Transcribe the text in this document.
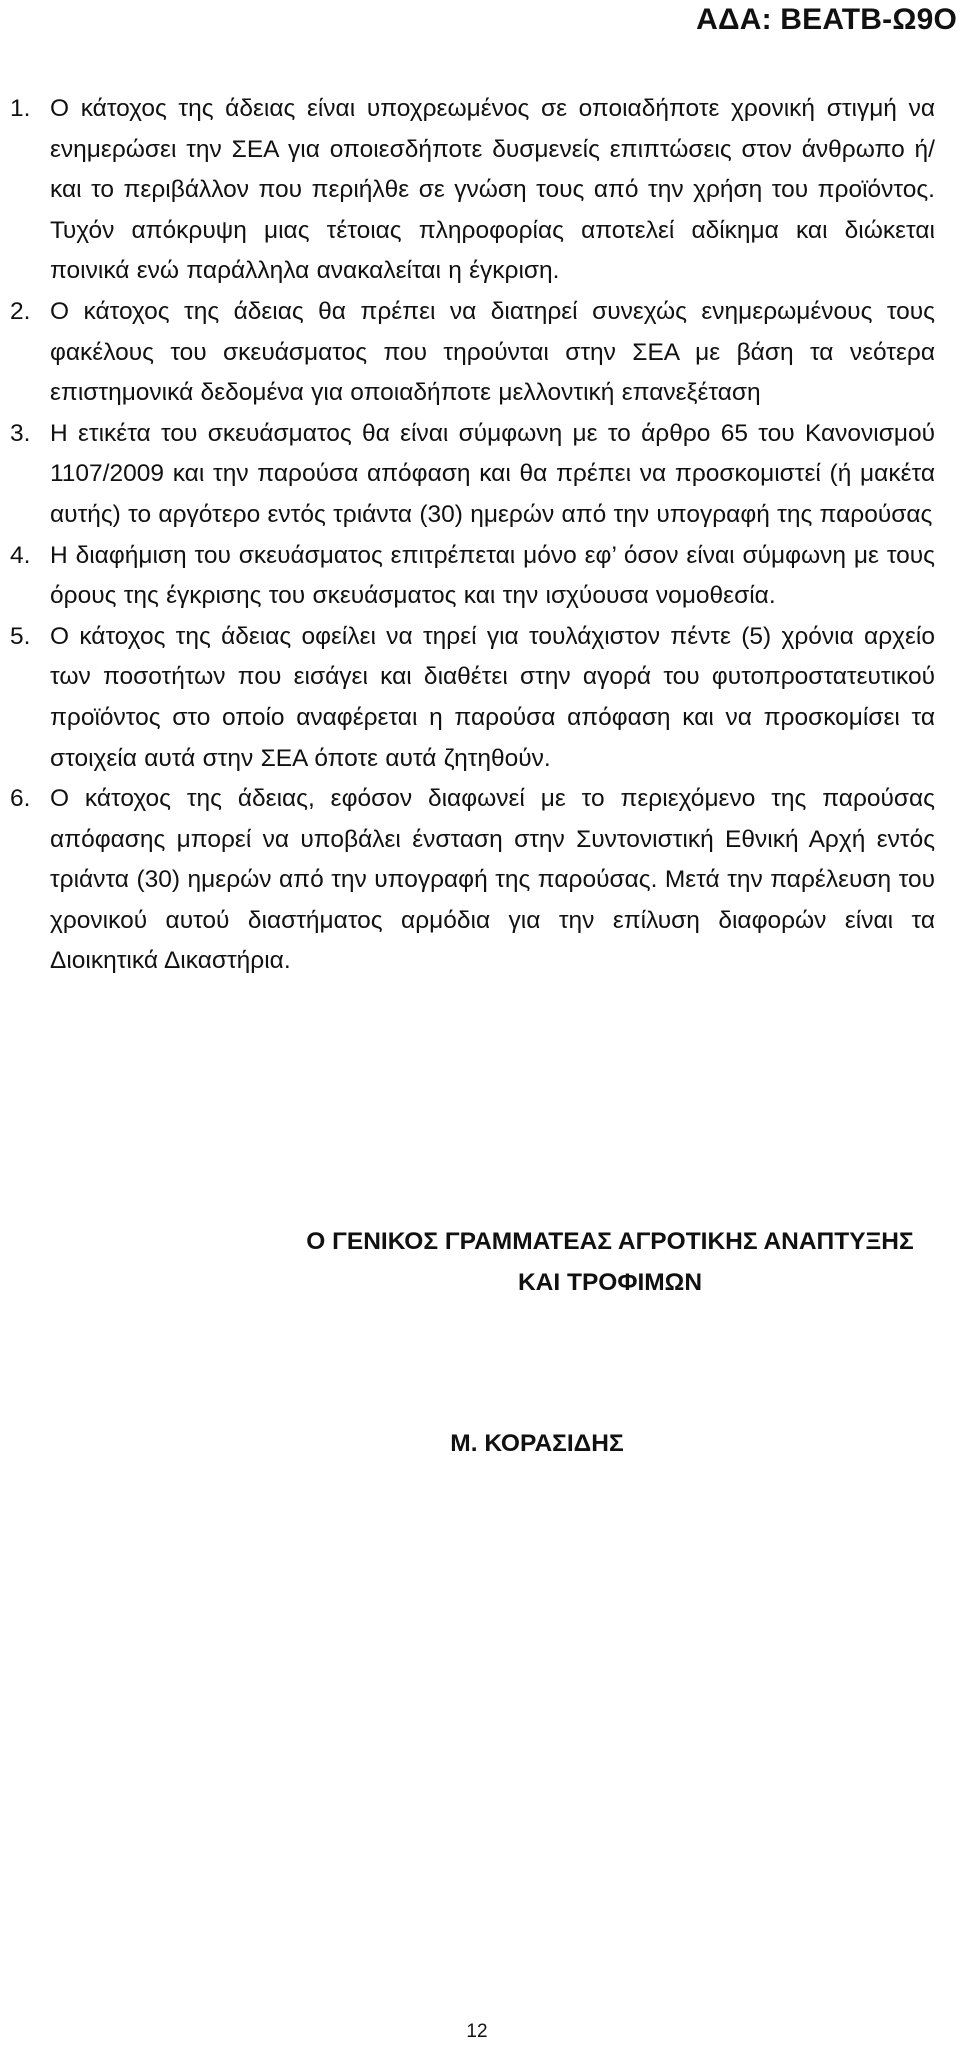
ΑΔΑ: ΒΕΑΤΒ-Ω9Ο
1. Ο κάτοχος της άδειας είναι υποχρεωμένος σε οποιαδήποτε χρονική στιγμή να ενημερώσει την ΣΕΑ για οποιεσδήποτε δυσμενείς επιπτώσεις στον άνθρωπο ή/και το περιβάλλον που περιήλθε σε γνώση τους από την χρήση του προϊόντος. Τυχόν απόκρυψη μιας τέτοιας πληροφορίας αποτελεί αδίκημα και διώκεται ποινικά ενώ παράλληλα ανακαλείται η έγκριση.
2. Ο κάτοχος της άδειας θα πρέπει να διατηρεί συνεχώς ενημερωμένους τους φακέλους του σκευάσματος που τηρούνται στην ΣΕΑ με βάση τα νεότερα επιστημονικά δεδομένα για οποιαδήποτε μελλοντική επανεξέταση
3. Η ετικέτα του σκευάσματος θα είναι σύμφωνη με το άρθρο 65 του Κανονισμού 1107/2009 και την παρούσα απόφαση και θα πρέπει να προσκομιστεί (ή μακέτα αυτής) το αργότερο εντός τριάντα (30) ημερών από την υπογραφή της παρούσας
4. Η διαφήμιση του σκευάσματος επιτρέπεται μόνο εφ’ όσον είναι σύμφωνη με τους όρους της έγκρισης του σκευάσματος και την ισχύουσα νομοθεσία.
5. Ο κάτοχος της άδειας οφείλει να τηρεί για τουλάχιστον πέντε (5) χρόνια αρχείο των ποσοτήτων που εισάγει και διαθέτει στην αγορά του φυτοπροστατευτικού προϊόντος στο οποίο αναφέρεται η παρούσα απόφαση και να προσκομίσει τα στοιχεία αυτά στην ΣΕΑ όποτε αυτά ζητηθούν.
6. Ο κάτοχος της άδειας, εφόσον διαφωνεί με το περιεχόμενο της παρούσας απόφασης μπορεί να υποβάλει ένσταση στην Συντονιστική Εθνική Αρχή εντός τριάντα (30) ημερών από την υπογραφή της παρούσας. Μετά την παρέλευση του χρονικού αυτού διαστήματος αρμόδια για την επίλυση διαφορών είναι τα Διοικητικά Δικαστήρια.
Ο ΓΕΝΙΚΟΣ ΓΡΑΜΜΑΤΕΑΣ ΑΓΡΟΤΙΚΗΣ ΑΝΑΠΤΥΞΗΣ
ΚΑΙ ΤΡΟΦΙΜΩΝ
Μ. ΚΟΡΑΣΙΔΗΣ
12
